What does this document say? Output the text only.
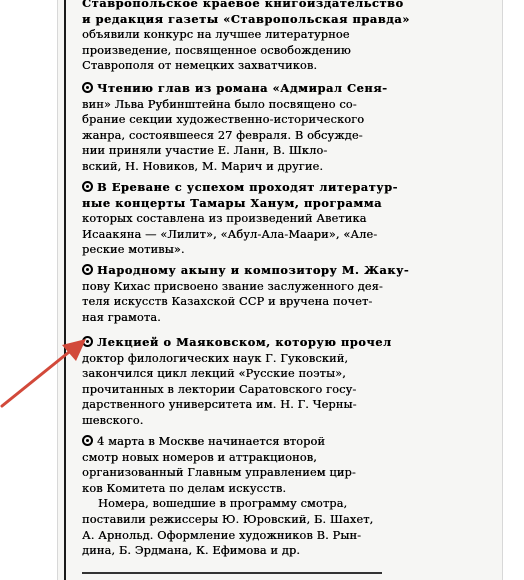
Ставропольское краевое книгоиздательство
и редакция газеты «Ставропольская правда»
объявили конкурс на лучшее литературное
произведение, посвященное освобождению
Ставрополя от немецких захватчиков.
Чтению глав из романа «Адмирал Сеня-
вин» Льва Рубинштейна было посвящено со-
брание секции художественно-исторического
жанра, состоявшееся 27 февраля. В обсужде-
нии приняли участие Е. Ланн, В. Шкло-
вский, Н. Новиков, М. Марич и другие.
В Ереване с успехом проходят литератур-
ные концерты Тамары Ханум, программа
которых составлена из произведений Аветика
Исаакяна — «Лилит», «Абул-Ала-Маари», «Але-
реские мотивы».
Народному акыну и композитору М. Жаку-
пову Кихас присвоено звание заслуженного дея-
теля искусств Казахской ССР и вручена почет-
ная грамота.
Лекцией о Маяковском, которую прочел
доктор филологических наук Г. Гуковский,
закончился цикл лекций «Русские поэты»,
прочитанных в лектории Саратовского госу-
дарственного университета им. Н. Г. Черны-
шевского.
4 марта в Москве начинается второй
смотр новых номеров и аттракционов,
организованный Главным управлением цир-
ков Комитета по делам искусств.
Номера, вошедшие в программу смотра,
поставили режиссеры Ю. Юровский, Б. Шахет,
А. Арнольд. Оформление художников В. Рын-
дина, Б. Эрдмана, К. Ефимова и др.
